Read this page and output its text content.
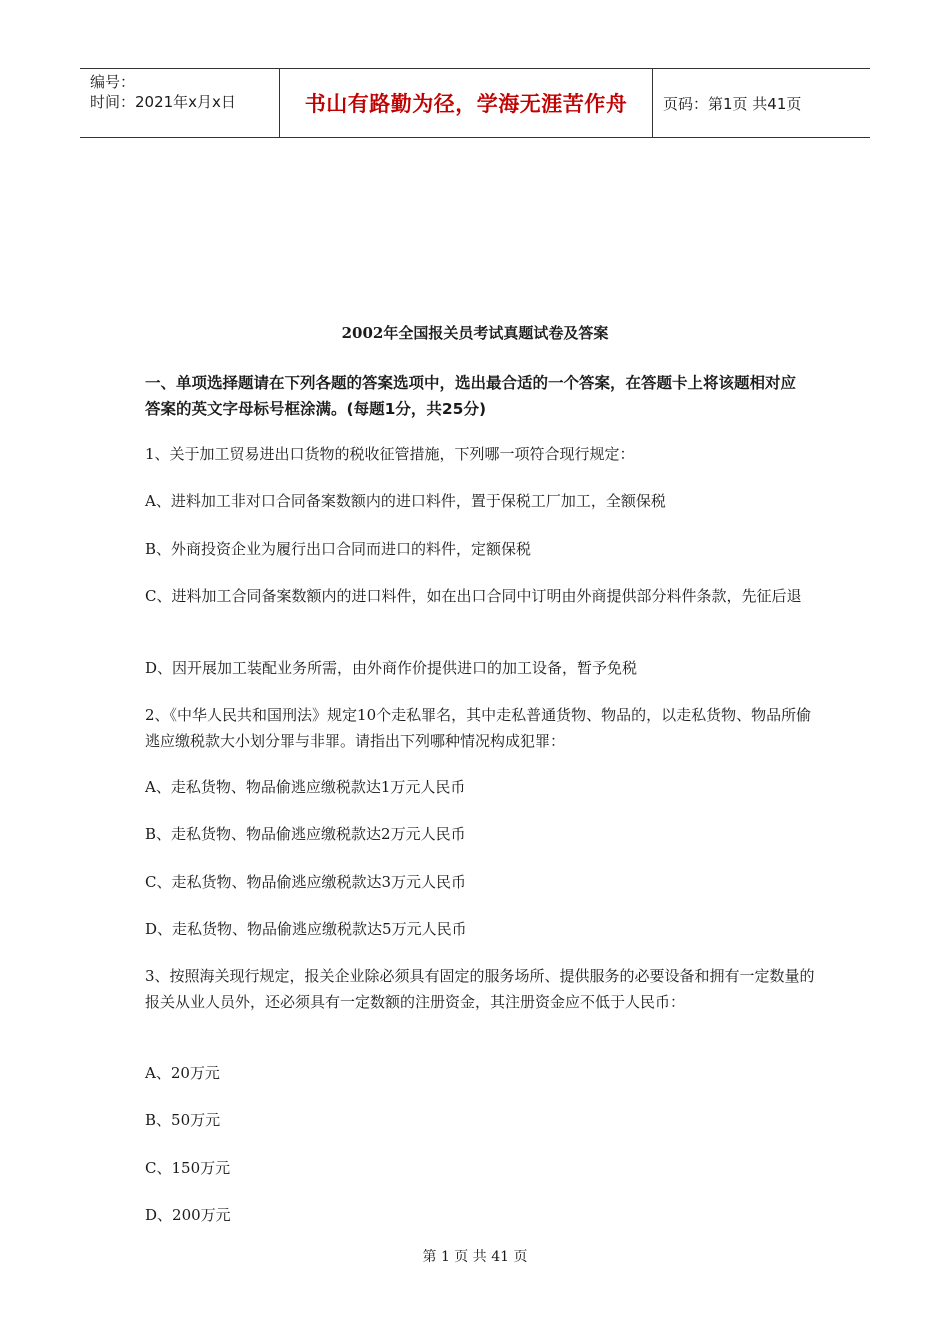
编号：
时间：2021年x月x日	书山有路勤为径，学海无涯苦作舟 页码：第1页 共41页
2002年全国报关员考试真题试卷及答案
一、单项选择题请在下列各题的答案选项中，选出最合适的一个答案，在答题卡上将该题相对应答案的英文字母标号框涂满。(每题1分，共25分)

1、关于加工贸易进出口货物的税收征管措施，下列哪一项符合现行规定：

A、进料加工非对口合同备案数额内的进口料件，置于保税工厂加工，全额保税

B、外商投资企业为履行出口合同而进口的料件，定额保税

C、进料加工合同备案数额内的进口料件，如在出口合同中订明由外商提供部分料件条款，先征后退

D、因开展加工装配业务所需，由外商作价提供进口的加工设备，暂予免税

2、《中华人民共和国刑法》规定10个走私罪名，其中走私普通货物、物品的，以走私货物、物品所偷逃应缴税款大小划分罪与非罪。请指出下列哪种情况构成犯罪：

A、走私货物、物品偷逃应缴税款达1万元人民币

B、走私货物、物品偷逃应缴税款达2万元人民币

C、走私货物、物品偷逃应缴税款达3万元人民币

D、走私货物、物品偷逃应缴税款达5万元人民币

3、按照海关现行规定，报关企业除必须具有固定的服务场所、提供服务的必要设备和拥有一定数量的报关从业人员外，还必须具有一定数额的注册资金，其注册资金应不低于人民币：

A、20万元

B、50万元

C、150万元

D、200万元

第 1 页 共 41 页
